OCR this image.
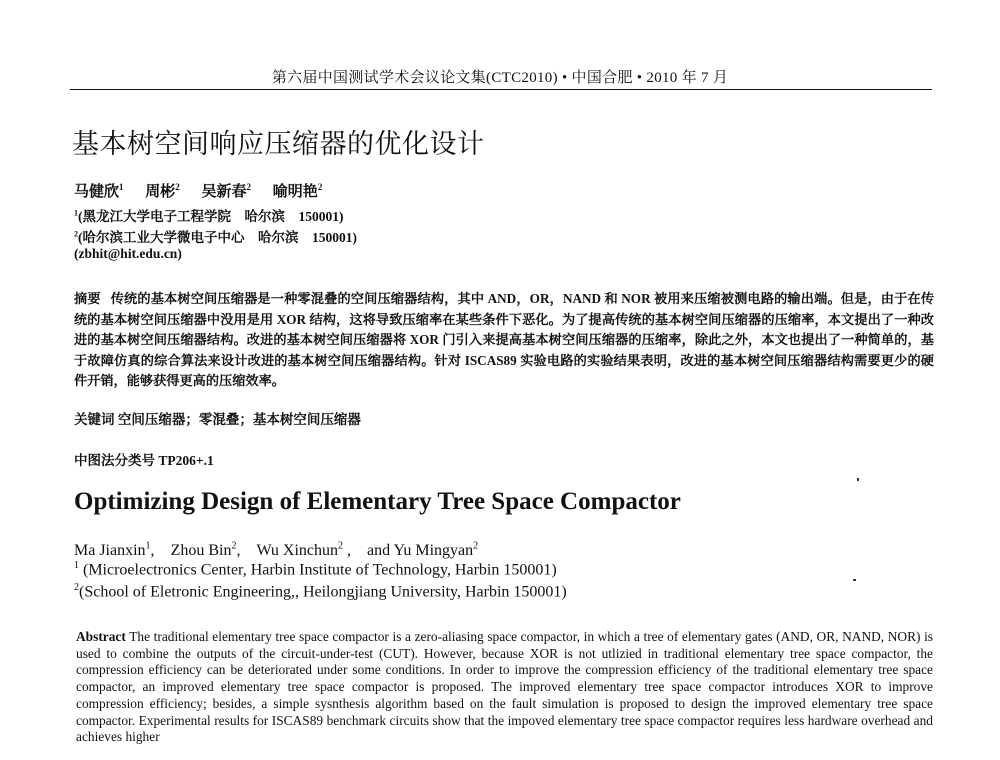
第六届中国测试学术会议论文集(CTC2010) • 中国合肥 • 2010 年 7 月
基本树空间响应压缩器的优化设计
马健欣$^1$ 周彬$^2$ 吴新春$^2$ 喻明艳$^2$
$^1$(黑龙江大学电子工程学院　哈尔滨　150001)
$^2$(哈尔滨工业大学微电子中心　哈尔滨　150001)
(zbhit@hit.edu.cn)
摘要 传统的基本树空间压缩器是一种零混叠的空间压缩器结构，其中 AND，OR，NAND 和 NOR 被用来压缩被测电路的输出端。但是，由于在传统的基本树空间压缩器中没用是用 XOR 结构，这将导致压缩率在某些条件下恶化。为了提高传统的基本树空间压缩器的压缩率，本文提出了一种改进的基本树空间压缩器结构。改进的基本树空间压缩器将 XOR 门引入来提高基本树空间压缩器的压缩率，除此之外，本文也提出了一种简单的，基于故障仿真的综合算法来设计改进的基本树空间压缩器结构。针对 ISCAS89 实验电路的实验结果表明，改进的基本树空间压缩器结构需要更少的硬件开销，能够获得更高的压缩效率。
关键词 空间压缩器；零混叠；基本树空间压缩器
中图法分类号 TP206+.1
Optimizing Design of Elementary Tree Space Compactor
Ma Jianxin$^1$,　Zhou Bin$^2$,　Wu Xinchun$^2$ ,　and Yu Mingyan$^2$
$^1$ (Microelectronics Center, Harbin Institute of Technology, Harbin 150001)
$^2$(School of Eletronic Engineering,, Heilongjiang University, Harbin 150001)
Abstract The traditional elementary tree space compactor is a zero-aliasing space compactor, in which a tree of elementary gates (AND, OR, NAND, NOR) is used to combine the outputs of the circuit-under-test (CUT). However, because XOR is not utlizied in traditional elementary tree space compactor, the compression efficiency can be deteriorated under some conditions. In order to improve the compression efficiency of the traditional elementary tree space compactor, an improved elementary tree space compactor is proposed. The improved elementary tree space compactor introduces XOR to improve compression efficiency; besides, a simple sysnthesis algorithm based on the fault simulation is proposed to design the improved elementary tree space compactor. Experimental results for ISCAS89 benchmark circuits show that the impoved elementary tree space compactor requires less hardware overhead and achieves higher
